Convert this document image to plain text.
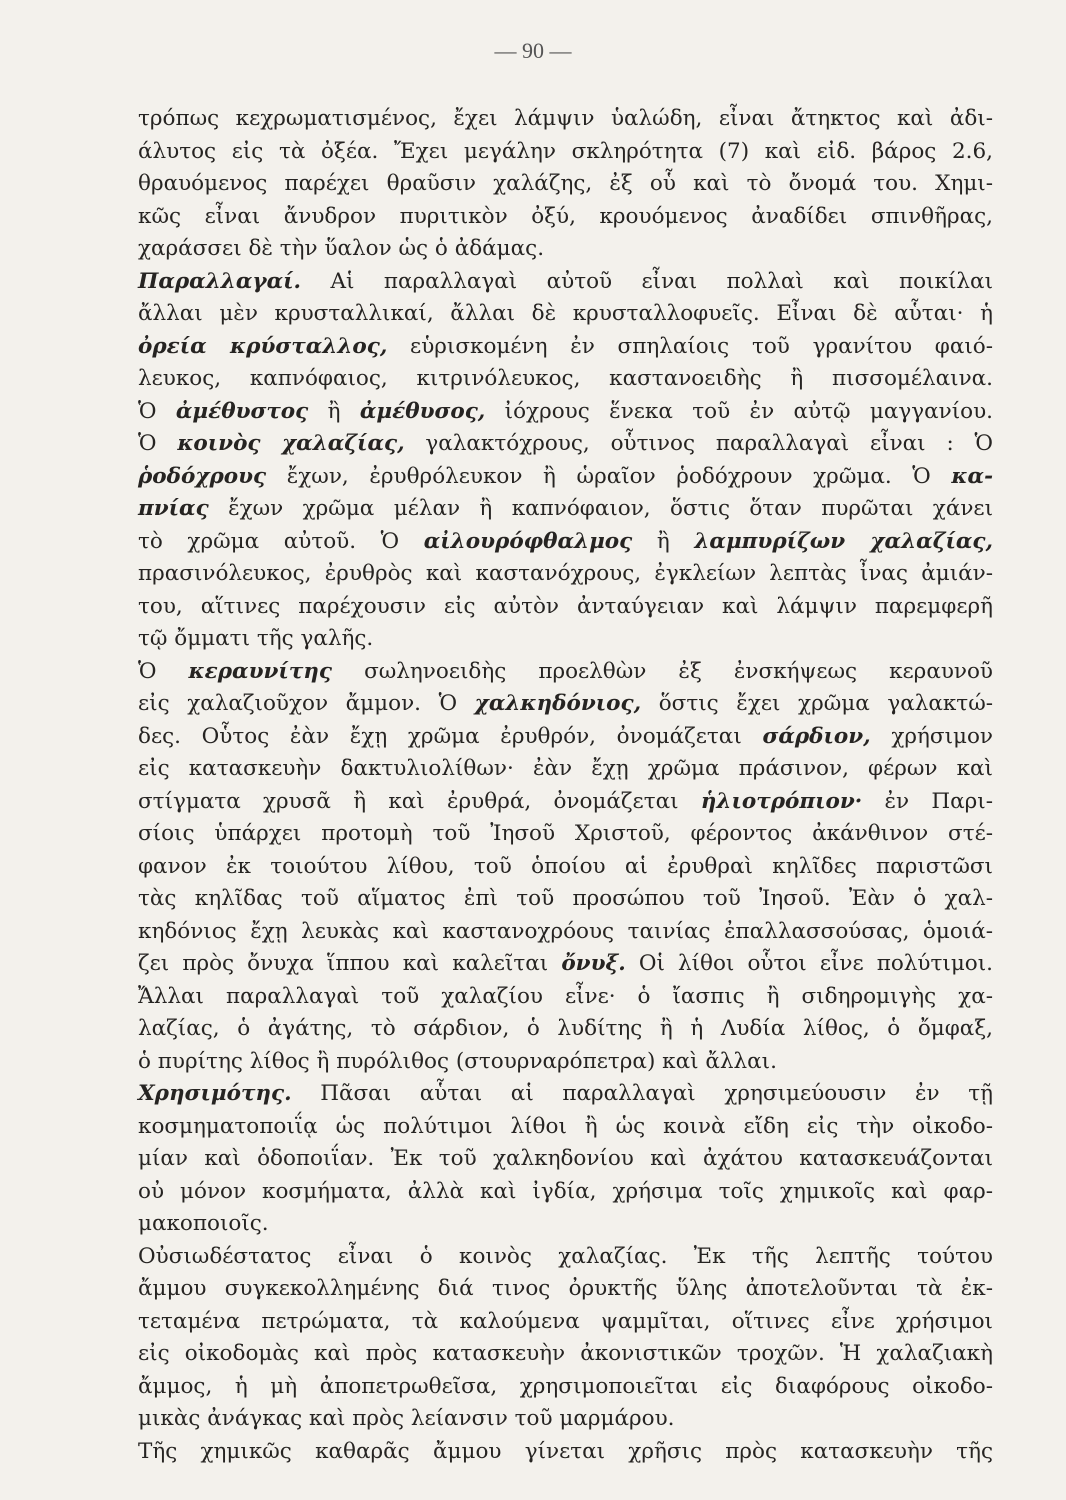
— 90 —
τρόπως κεχρωματισμένος, ἔχει λάμψιν ὑαλώδη, εἶναι ἄτηκτος καὶ ἀδι-
άλυτος εἰς τὰ ὀξέα. Ἔχει μεγάλην σκληρότητα (7) καὶ εἰδ. βάρος 2.6,
θραυόμενος παρέχει θραῦσιν χαλάζης, ἐξ οὗ καὶ τὸ ὄνομά του. Χημι-
κῶς εἶναι ἄνυδρον πυριτικὸν ὀξύ, κρουόμενος ἀναδίδει σπινθῆρας,
χαράσσει δὲ τὴν ὕαλον ὡς ὁ ἀδάμας.
Παραλλαγαί. Αἱ παραλλαγαὶ αὐτοῦ εἶναι πολλαὶ καὶ ποικίλαι
ἄλλαι μὲν κρυσταλλικαί, ἄλλαι δὲ κρυσταλλοφυεῖς. Εἶναι δὲ αὗται· ἡ
ὀρεία κρύσταλλος, εὑρισκομένη ἐν σπηλαίοις τοῦ γρανίτου φαιό-
λευκος, καπνόφαιος, κιτρινόλευκος, καστανοειδὴς ἢ πισσομέλαινα.
Ὁ ἀμέθυστος ἢ ἀμέθυσος, ἰόχρους ἕνεκα τοῦ ἐν αὐτῷ μαγγανίου.
Ὁ κοινὸς χαλαζίας, γαλακτόχρους, οὗτινος παραλλαγαὶ εἶναι : Ὁ
ῥοδόχρους ἔχων, ἐρυθρόλευκον ἢ ὡραῖον ῥοδόχρουν χρῶμα. Ὁ κα-
πνίας ἔχων χρῶμα μέλαν ἢ καπνόφαιον, ὅστις ὅταν πυρῶται χάνει
τὸ χρῶμα αὐτοῦ. Ὁ αἰλουρόφθαλμος ἢ λαμπυρίζων χαλαζίας,
πρασινόλευκος, ἐρυθρὸς καὶ καστανόχρους, ἐγκλείων λεπτὰς ἶνας ἀμιάν-
του, αἵτινες παρέχουσιν εἰς αὐτὸν ἀνταύγειαν καὶ λάμψιν παρεμφερῆ
τῷ ὄμματι τῆς γαλῆς.
Ὁ κεραυνίτης σωληνοειδὴς προελθὼν ἐξ ἐνσκήψεως κεραυνοῦ
εἰς χαλαζιοῦχον ἄμμον. Ὁ χαλκηδόνιος, ὅστις ἔχει χρῶμα γαλακτώ-
δες. Οὗτος ἐὰν ἔχῃ χρῶμα ἐρυθρόν, ὀνομάζεται σάρδιον, χρήσιμον
εἰς κατασκευὴν δακτυλιολίθων· ἐὰν ἔχῃ χρῶμα πράσινον, φέρων καὶ
στίγματα χρυσᾶ ἢ καὶ ἐρυθρά, ὀνομάζεται ἡλιοτρόπιον· ἐν Παρι-
σίοις ὑπάρχει προτομὴ τοῦ Ἰησοῦ Χριστοῦ, φέροντος ἀκάνθινον στέ-
φανον ἐκ τοιούτου λίθου, τοῦ ὁποίου αἱ ἐρυθραὶ κηλῖδες παριστῶσι
τὰς κηλῖδας τοῦ αἵματος ἐπὶ τοῦ προσώπου τοῦ Ἰησοῦ. Ἐὰν ὁ χαλ-
κηδόνιος ἔχῃ λευκὰς καὶ καστανοχρόους ταινίας ἐπαλλασσούσας, ὁμοιά-
ζει πρὸς ὄνυχα ἵππου καὶ καλεῖται ὄνυξ. Οἱ λίθοι οὗτοι εἶνε πολύτιμοι.
Ἄλλαι παραλλαγαὶ τοῦ χαλαζίου εἶνε· ὁ ἴασπις ἢ σιδηρομιγὴς χα-
λαζίας, ὁ ἀγάτης, τὸ σάρδιον, ὁ λυδίτης ἢ ἡ Λυδία λίθος, ὁ ὄμφαξ,
ὁ πυρίτης λίθος ἢ πυρόλιθος (στουρναρόπετρα) καὶ ἄλλαι.
Χρησιμότης. Πᾶσαι αὗται αἱ παραλλαγαὶ χρησιμεύουσιν ἐν τῇ
κοσμηματοποιΐᾳ ὡς πολύτιμοι λίθοι ἢ ὡς κοινὰ εἴδη εἰς τὴν οἰκοδο-
μίαν καὶ ὁδοποιΐαν. Ἐκ τοῦ χαλκηδονίου καὶ ἀχάτου κατασκευάζονται
οὐ μόνον κοσμήματα, ἀλλὰ καὶ ἰγδία, χρήσιμα τοῖς χημικοῖς καὶ φαρ-
μακοποιοῖς.
Οὐσιωδέστατος εἶναι ὁ κοινὸς χαλαζίας. Ἐκ τῆς λεπτῆς τούτου
ἄμμου συγκεκολλημένης διά τινος ὀρυκτῆς ὕλης ἀποτελοῦνται τὰ ἐκ-
τεταμένα πετρώματα, τὰ καλούμενα ψαμμῖται, οἵτινες εἶνε χρήσιμοι
εἰς οἰκοδομὰς καὶ πρὸς κατασκευὴν ἀκονιστικῶν τροχῶν. Ἡ χαλαζιακὴ
ἄμμος, ἡ μὴ ἀποπετρωθεῖσα, χρησιμοποιεῖται εἰς διαφόρους οἰκοδο-
μικὰς ἀνάγκας καὶ πρὸς λείανσιν τοῦ μαρμάρου.
Τῆς χημικῶς καθαρᾶς ἄμμου γίνεται χρῆσις πρὸς κατασκευὴν τῆς
